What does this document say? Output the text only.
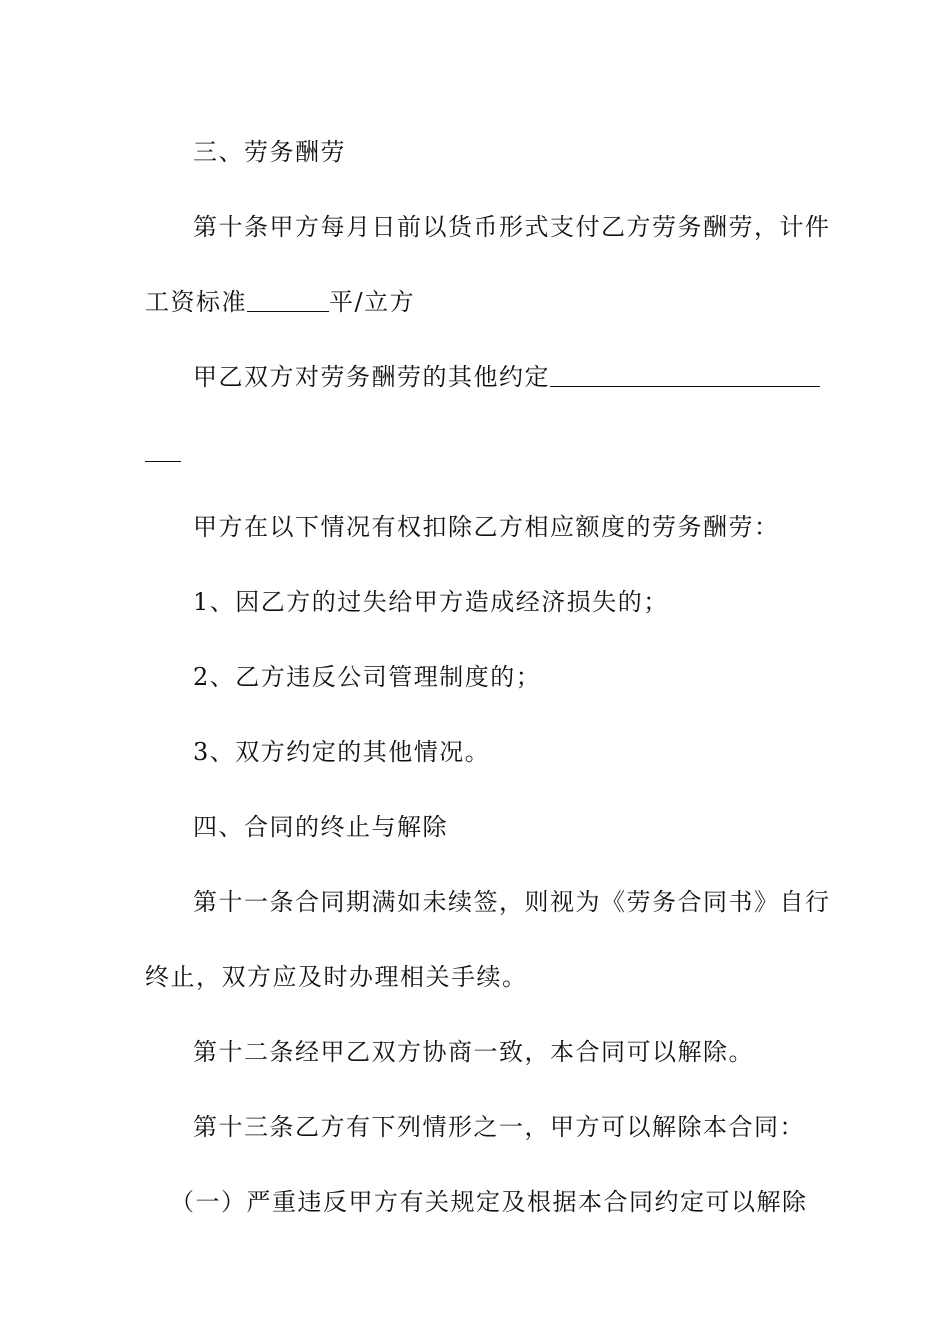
三、劳务酬劳
第十条甲方每月日前以货币形式支付乙方劳务酬劳，计件
工资标准	平/立方
甲乙双方对劳务酬劳的其他约定
甲方在以下情况有权扣除乙方相应额度的劳务酬劳：
1、因乙方的过失给甲方造成经济损失的；
2、乙方违反公司管理制度的；
3、双方约定的其他情况。
四、合同的终止与解除
第十一条合同期满如未续签，则视为《劳务合同书》自行
终止，双方应及时办理相关手续。
第十二条经甲乙双方协商一致，本合同可以解除。
第十三条乙方有下列情形之一，甲方可以解除本合同：
（一）严重违反甲方有关规定及根据本合同约定可以解除
